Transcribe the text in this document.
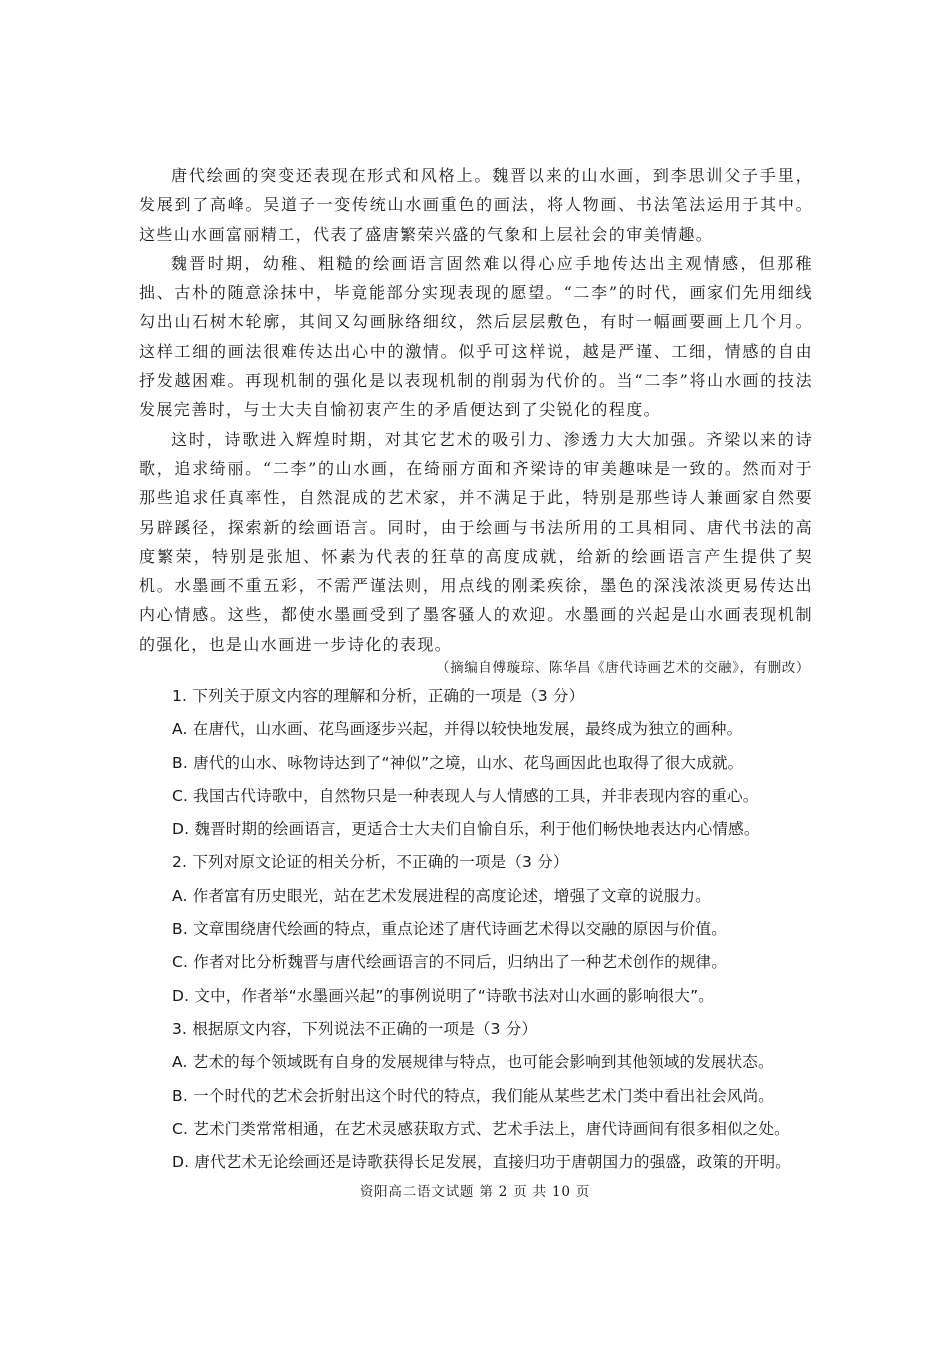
唐代绘画的突变还表现在形式和风格上。魏晋以来的山水画，到李思训父子手里，发展到了高峰。吴道子一变传统山水画重色的画法，将人物画、书法笔法运用于其中。这些山水画富丽精工，代表了盛唐繁荣兴盛的气象和上层社会的审美情趣。

魏晋时期，幼稚、粗糙的绘画语言固然难以得心应手地传达出主观情感，但那稚拙、古朴的随意涂抹中，毕竟能部分实现表现的愿望。“二李”的时代，画家们先用细线勾出山石树木轮廓，其间又勾画脉络细纹，然后层层敷色，有时一幅画要画上几个月。这样工细的画法很难传达出心中的激情。似乎可这样说，越是严谨、工细，情感的自由抒发越困难。再现机制的强化是以表现机制的削弱为代价的。当“二李”将山水画的技法发展完善时，与士大夫自愉初衷产生的矛盾便达到了尖锐化的程度。

这时，诗歌进入辉煌时期，对其它艺术的吸引力、渗透力大大加强。齐梁以来的诗歌，追求绮丽。“二李”的山水画，在绮丽方面和齐梁诗的审美趣味是一致的。然而对于那些追求任真率性，自然混成的艺术家，并不满足于此，特别是那些诗人兼画家自然要另辟蹊径，探索新的绘画语言。同时，由于绘画与书法所用的工具相同、唐代书法的高度繁荣，特别是张旭、怀素为代表的狂草的高度成就，给新的绘画语言产生提供了契机。水墨画不重五彩，不需严谨法则，用点线的刚柔疾徐，墨色的深浅浓淡更易传达出内心情感。这些，都使水墨画受到了墨客骚人的欢迎。水墨画的兴起是山水画表现机制的强化，也是山水画进一步诗化的表现。

（摘编自傅璇琮、陈华昌《唐代诗画艺术的交融》，有删改）

1. 下列关于原文内容的理解和分析，正确的一项是（3 分）

A. 在唐代，山水画、花鸟画逐步兴起，并得以较快地发展，最终成为独立的画种。

B. 唐代的山水、咏物诗达到了“神似”之境，山水、花鸟画因此也取得了很大成就。

C. 我国古代诗歌中，自然物只是一种表现人与人情感的工具，并非表现内容的重心。

D. 魏晋时期的绘画语言，更适合士大夫们自愉自乐，利于他们畅快地表达内心情感。

2. 下列对原文论证的相关分析，不正确的一项是（3 分）

A. 作者富有历史眼光，站在艺术发展进程的高度论述，增强了文章的说服力。

B. 文章围绕唐代绘画的特点，重点论述了唐代诗画艺术得以交融的原因与价值。

C. 作者对比分析魏晋与唐代绘画语言的不同后，归纳出了一种艺术创作的规律。

D. 文中，作者举“水墨画兴起”的事例说明了“诗歌书法对山水画的影响很大”。

3. 根据原文内容，下列说法不正确的一项是（3 分）

A. 艺术的每个领域既有自身的发展规律与特点，也可能会影响到其他领域的发展状态。

B. 一个时代的艺术会折射出这个时代的特点，我们能从某些艺术门类中看出社会风尚。

C. 艺术门类常常相通，在艺术灵感获取方式、艺术手法上，唐代诗画间有很多相似之处。

D. 唐代艺术无论绘画还是诗歌获得长足发展，直接归功于唐朝国力的强盛，政策的开明。

资阳高二语文试题 第 2 页 共 10 页
